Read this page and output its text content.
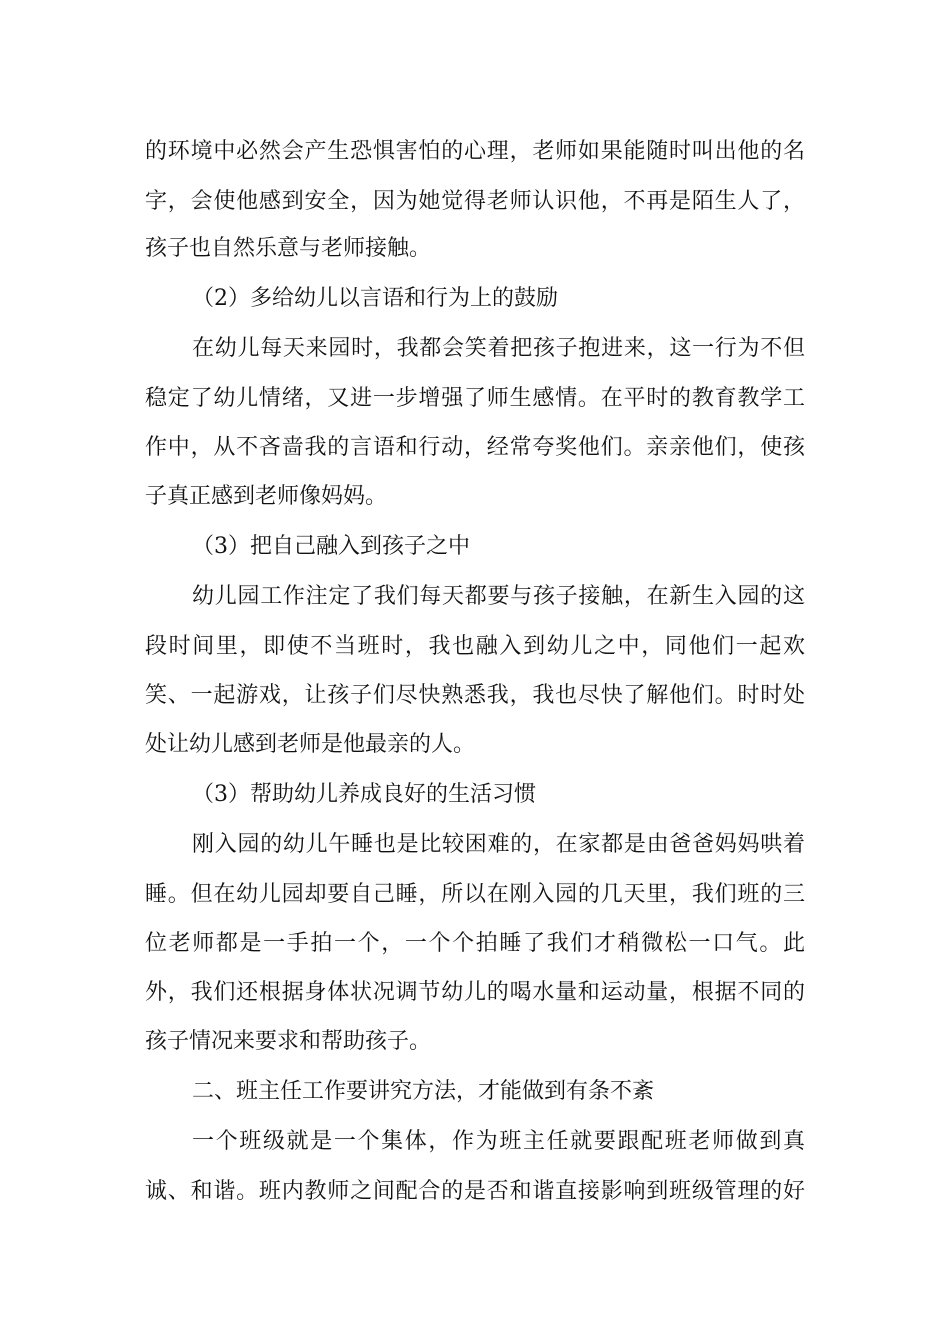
的环境中必然会产生恐惧害怕的心理，老师如果能随时叫出他的名
字，会使他感到安全，因为她觉得老师认识他，不再是陌生人了，
孩子也自然乐意与老师接触。
（2）多给幼儿以言语和行为上的鼓励
在幼儿每天来园时，我都会笑着把孩子抱进来，这一行为不但
稳定了幼儿情绪，又进一步增强了师生感情。在平时的教育教学工
作中，从不吝啬我的言语和行动，经常夸奖他们。亲亲他们，使孩
子真正感到老师像妈妈。
（3）把自己融入到孩子之中
幼儿园工作注定了我们每天都要与孩子接触，在新生入园的这
段时间里，即使不当班时，我也融入到幼儿之中，同他们一起欢
笑、一起游戏，让孩子们尽快熟悉我，我也尽快了解他们。时时处
处让幼儿感到老师是他最亲的人。
（3）帮助幼儿养成良好的生活习惯
刚入园的幼儿午睡也是比较困难的，在家都是由爸爸妈妈哄着
睡。但在幼儿园却要自己睡，所以在刚入园的几天里，我们班的三
位老师都是一手拍一个，一个个拍睡了我们才稍微松一口气。此
外，我们还根据身体状况调节幼儿的喝水量和运动量，根据不同的
孩子情况来要求和帮助孩子。
二、班主任工作要讲究方法，才能做到有条不紊
一个班级就是一个集体，作为班主任就要跟配班老师做到真
诚、和谐。班内教师之间配合的是否和谐直接影响到班级管理的好
